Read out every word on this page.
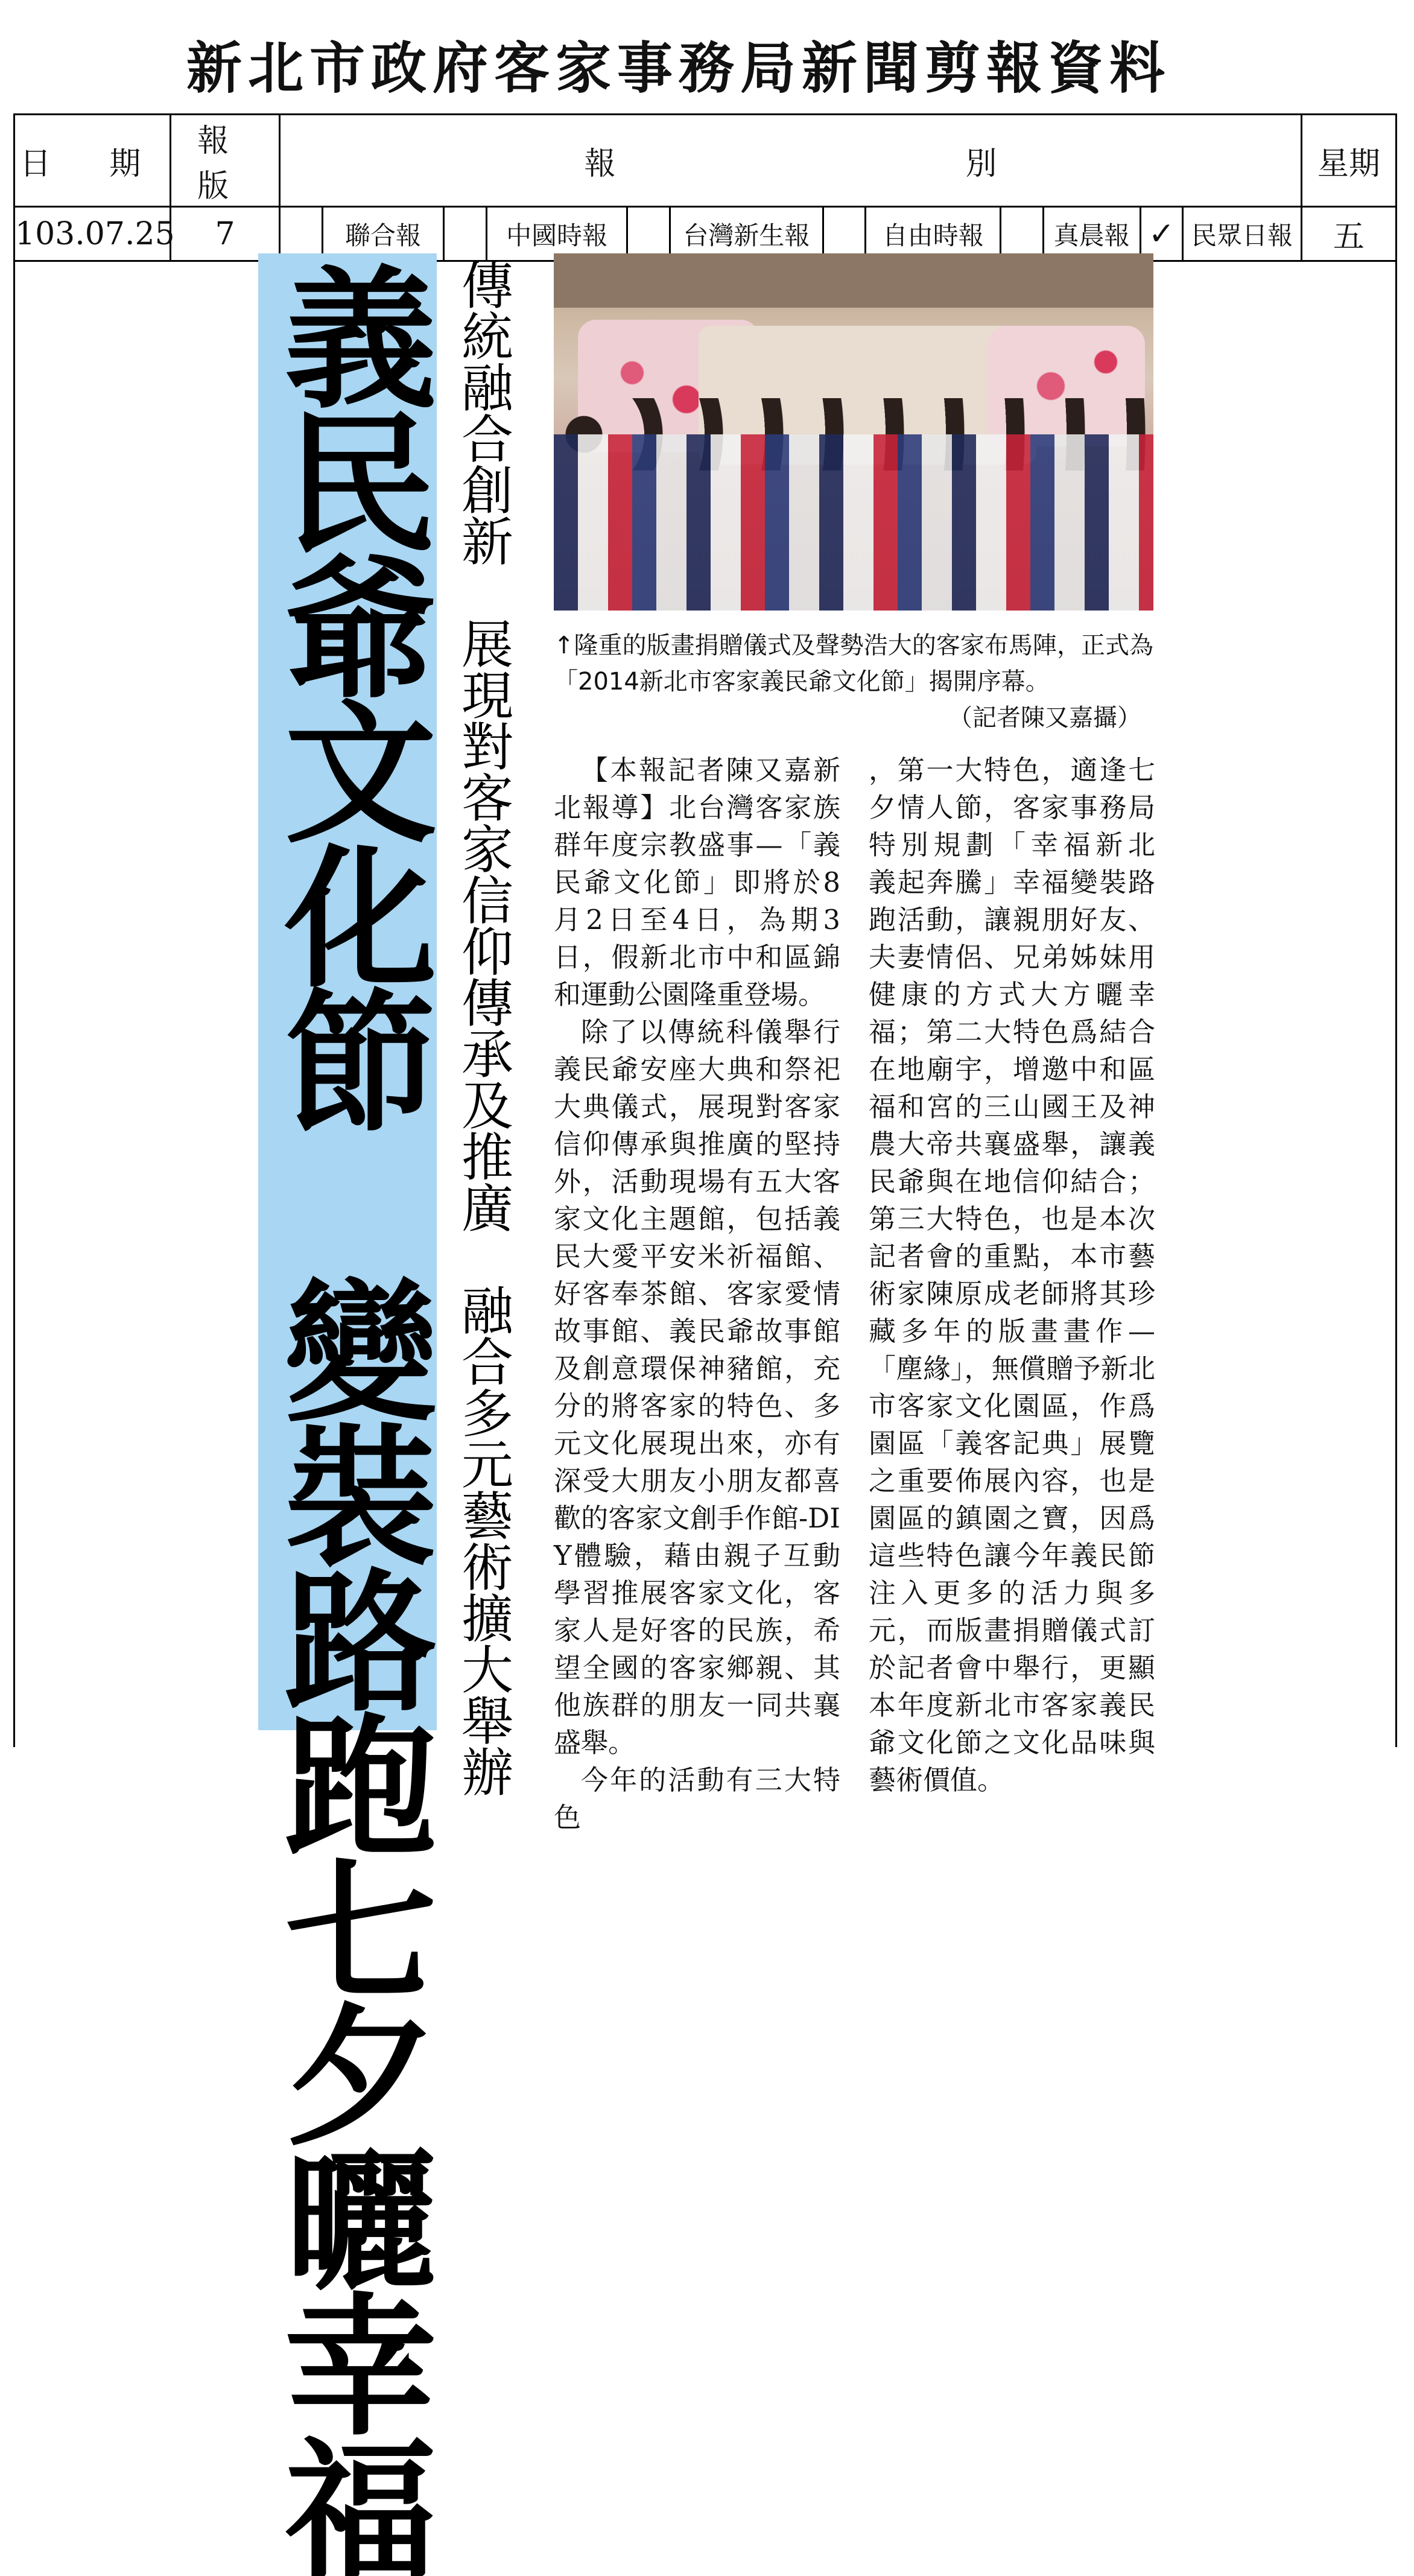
新北市政府客家事務局新聞剪報資料
日 期	報 版	報 別												星期
103.07.25	7		聯合報		中國時報		台灣新生報		自由時報		真晨報	✓	民眾日報	五
義民爺文化節　變裝路跑七夕曬幸福 傳統融合創新　展現對客家信仰傳承及推廣　融合多元藝術擴大舉辦 ↑隆重的版畫捐贈儀式及聲勢浩大的客家布馬陣，正式為「2014新北市客家義民爺文化節」揭開序幕。
（記者陳又嘉攝）

【本報記者陳又嘉新北報導】北台灣客家族群年度宗教盛事—「義民爺文化節」即將於8月2日至4日，為期3日，假新北市中和區錦和運動公園隆重登場。

除了以傳統科儀舉行義民爺安座大典和祭祀大典儀式，展現對客家信仰傳承與推廣的堅持外，活動現場有五大客家文化主題館，包括義民大愛平安米祈福館、好客奉茶館、客家愛情故事館、義民爺故事館及創意環保神豬館，充分的將客家的特色、多元文化展現出來，亦有深受大朋友小朋友都喜歡的客家文創手作館-DIY體驗，藉由親子互動學習推展客家文化，客家人是好客的民族，希望全國的客家鄉親、其他族群的朋友一同共襄盛舉。

今年的活動有三大特色

，第一大特色，適逢七夕情人節，客家事務局特別規劃「幸福新北　義起奔騰」幸福變裝路跑活動，讓親朋好友、夫妻情侶、兄弟姊妹用健康的方式大方曬幸福；第二大特色爲結合在地廟宇，增邀中和區福和宮的三山國王及神農大帝共襄盛舉，讓義民爺與在地信仰結合；第三大特色，也是本次記者會的重點，本市藝術家陳原成老師將其珍藏多年的版畫畫作—「塵緣」，無償贈予新北市客家文化園區，作爲園區「義客記典」展覽之重要佈展內容，也是園區的鎮園之寶，因爲這些特色讓今年義民節注入更多的活力與多元，而版畫捐贈儀式訂於記者會中舉行，更顯本年度新北市客家義民爺文化節之文化品味與藝術價值。
